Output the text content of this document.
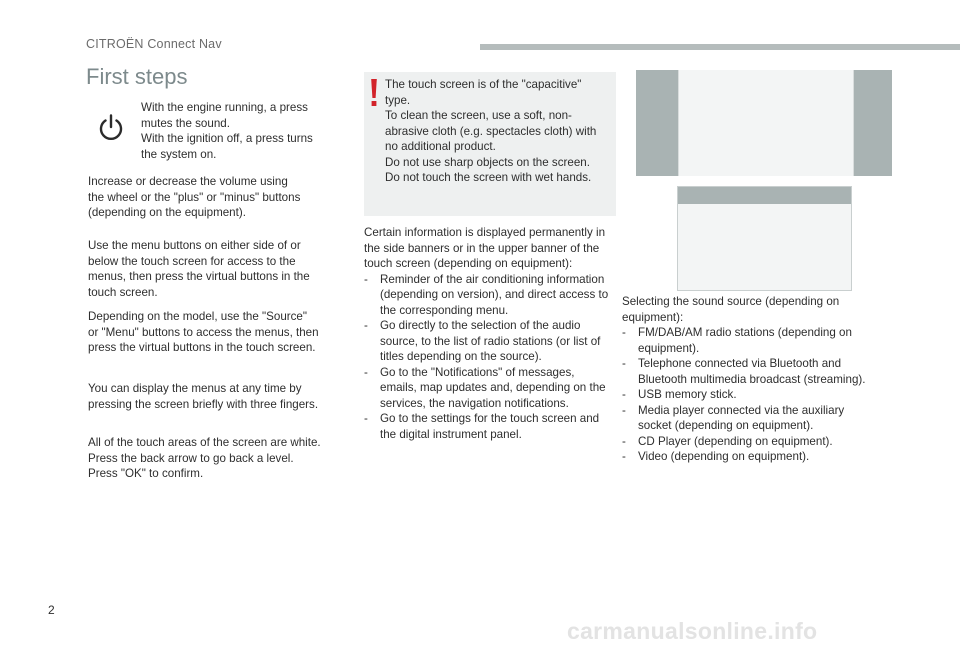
CITROËN Connect Nav
First steps
With the engine running, a press
mutes the sound.
With the ignition off, a press turns
the system on.
Increase or decrease the volume using
the wheel or the "plus" or "minus" buttons
(depending on the equipment).
Use the menu buttons on either side of or
below the touch screen for access to the
menus, then press the virtual buttons in the
touch screen.
Depending on the model, use the "Source"
or "Menu" buttons to access the menus, then
press the virtual buttons in the touch screen.
You can display the menus at any time by
pressing the screen briefly with three fingers.
All of the touch areas of the screen are white.
Press the back arrow to go back a level.
Press "OK" to confirm.
The touch screen is of the "capacitive"
type.
To clean the screen, use a soft, non-
abrasive cloth (e.g. spectacles cloth) with
no additional product.
Do not use sharp objects on the screen.
Do not touch the screen with wet hands.
Certain information is displayed permanently in
the side banners or in the upper banner of the
touch screen (depending on equipment):
- Reminder of the air conditioning information
(depending on version), and direct access to
the corresponding menu.
- Go directly to the selection of the audio
source, to the list of radio stations (or list of
titles depending on the source).
- Go to the "Notifications" of messages,
emails, map updates and, depending on the
services, the navigation notifications.
- Go to the settings for the touch screen and
the digital instrument panel.
Selecting the sound source (depending on
equipment):
- FM/DAB/AM radio stations (depending on
equipment).
- Telephone connected via Bluetooth and
Bluetooth multimedia broadcast (streaming).
- USB memory stick.
- Media player connected via the auxiliary
socket (depending on equipment).
- CD Player (depending on equipment).
- Video (depending on equipment).
2
carmanualsonline.info
